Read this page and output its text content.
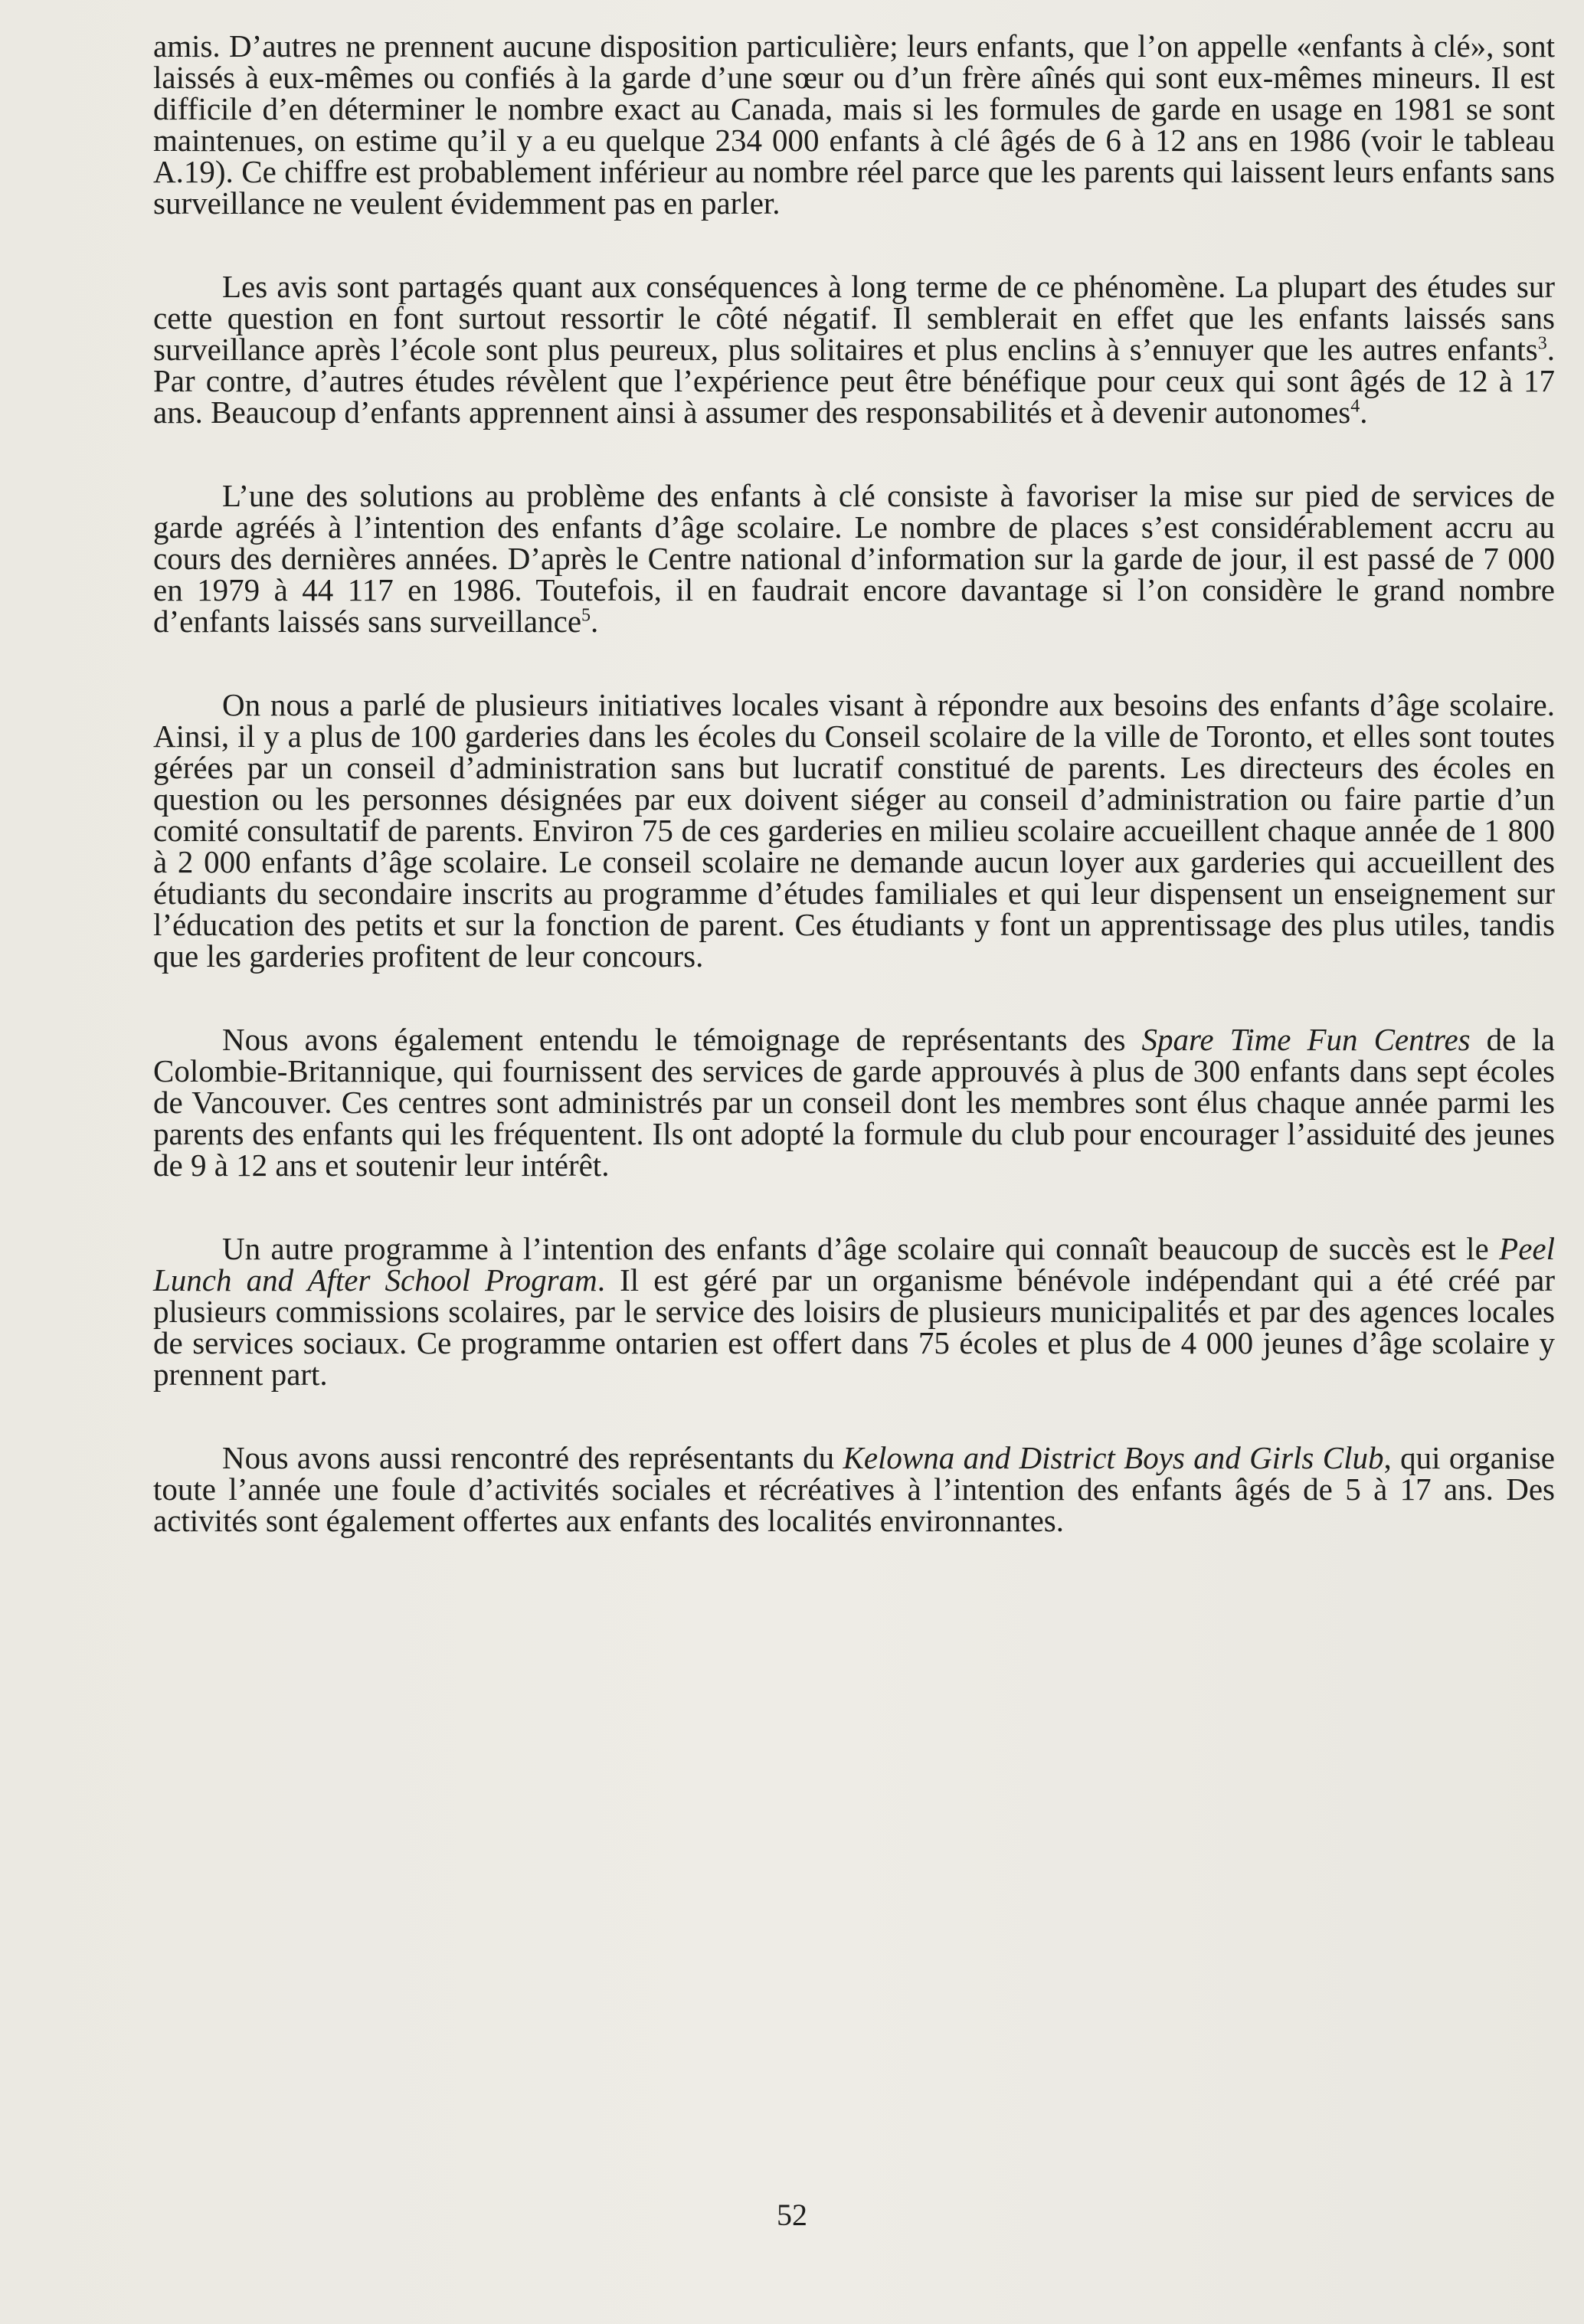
amis. D’autres ne prennent aucune disposition particulière; leurs enfants, que l’on appelle «enfants à clé», sont laissés à eux-mêmes ou confiés à la garde d’une sœur ou d’un frère aînés qui sont eux-mêmes mineurs. Il est difficile d’en déterminer le nombre exact au Canada, mais si les formules de garde en usage en 1981 se sont maintenues, on estime qu’il y a eu quelque 234 000 enfants à clé âgés de 6 à 12 ans en 1986 (voir le tableau A.19). Ce chiffre est probablement inférieur au nombre réel parce que les parents qui laissent leurs enfants sans surveillance ne veulent évidemment pas en parler.

Les avis sont partagés quant aux conséquences à long terme de ce phénomène. La plupart des études sur cette question en font surtout ressortir le côté négatif. Il semblerait en effet que les enfants laissés sans surveillance après l’école sont plus peureux, plus solitaires et plus enclins à s’ennuyer que les autres enfants$^3$. Par contre, d’autres études révèlent que l’expérience peut être bénéfique pour ceux qui sont âgés de 12 à 17 ans. Beaucoup d’enfants apprennent ainsi à assumer des responsabilités et à devenir autonomes$^4$.

L’une des solutions au problème des enfants à clé consiste à favoriser la mise sur pied de services de garde agréés à l’intention des enfants d’âge scolaire. Le nombre de places s’est considérablement accru au cours des dernières années. D’après le Centre national d’information sur la garde de jour, il est passé de 7 000 en 1979 à 44 117 en 1986. Toutefois, il en faudrait encore davantage si l’on considère le grand nombre d’enfants laissés sans surveillance$^5$.

On nous a parlé de plusieurs initiatives locales visant à répondre aux besoins des enfants d’âge scolaire. Ainsi, il y a plus de 100 garderies dans les écoles du Conseil scolaire de la ville de Toronto, et elles sont toutes gérées par un conseil d’administration sans but lucratif constitué de parents. Les directeurs des écoles en question ou les personnes désignées par eux doivent siéger au conseil d’administration ou faire partie d’un comité consultatif de parents. Environ 75 de ces garderies en milieu scolaire accueillent chaque année de 1 800 à 2 000 enfants d’âge scolaire. Le conseil scolaire ne demande aucun loyer aux garderies qui accueillent des étudiants du secondaire inscrits au programme d’études familiales et qui leur dispensent un enseignement sur l’éducation des petits et sur la fonction de parent. Ces étudiants y font un apprentissage des plus utiles, tandis que les garderies profitent de leur concours.

Nous avons également entendu le témoignage de représentants des Spare Time Fun Centres de la Colombie-Britannique, qui fournissent des services de garde approuvés à plus de 300 enfants dans sept écoles de Vancouver. Ces centres sont administrés par un conseil dont les membres sont élus chaque année parmi les parents des enfants qui les fréquentent. Ils ont adopté la formule du club pour encourager l’assiduité des jeunes de 9 à 12 ans et soutenir leur intérêt.

Un autre programme à l’intention des enfants d’âge scolaire qui connaît beaucoup de succès est le Peel Lunch and After School Program. Il est géré par un organisme bénévole indépendant qui a été créé par plusieurs commissions scolaires, par le service des loisirs de plusieurs municipalités et par des agences locales de services sociaux. Ce programme ontarien est offert dans 75 écoles et plus de 4 000 jeunes d’âge scolaire y prennent part.

Nous avons aussi rencontré des représentants du Kelowna and District Boys and Girls Club, qui organise toute l’année une foule d’activités sociales et récréatives à l’intention des enfants âgés de 5 à 17 ans. Des activités sont également offertes aux enfants des localités environnantes.

52
